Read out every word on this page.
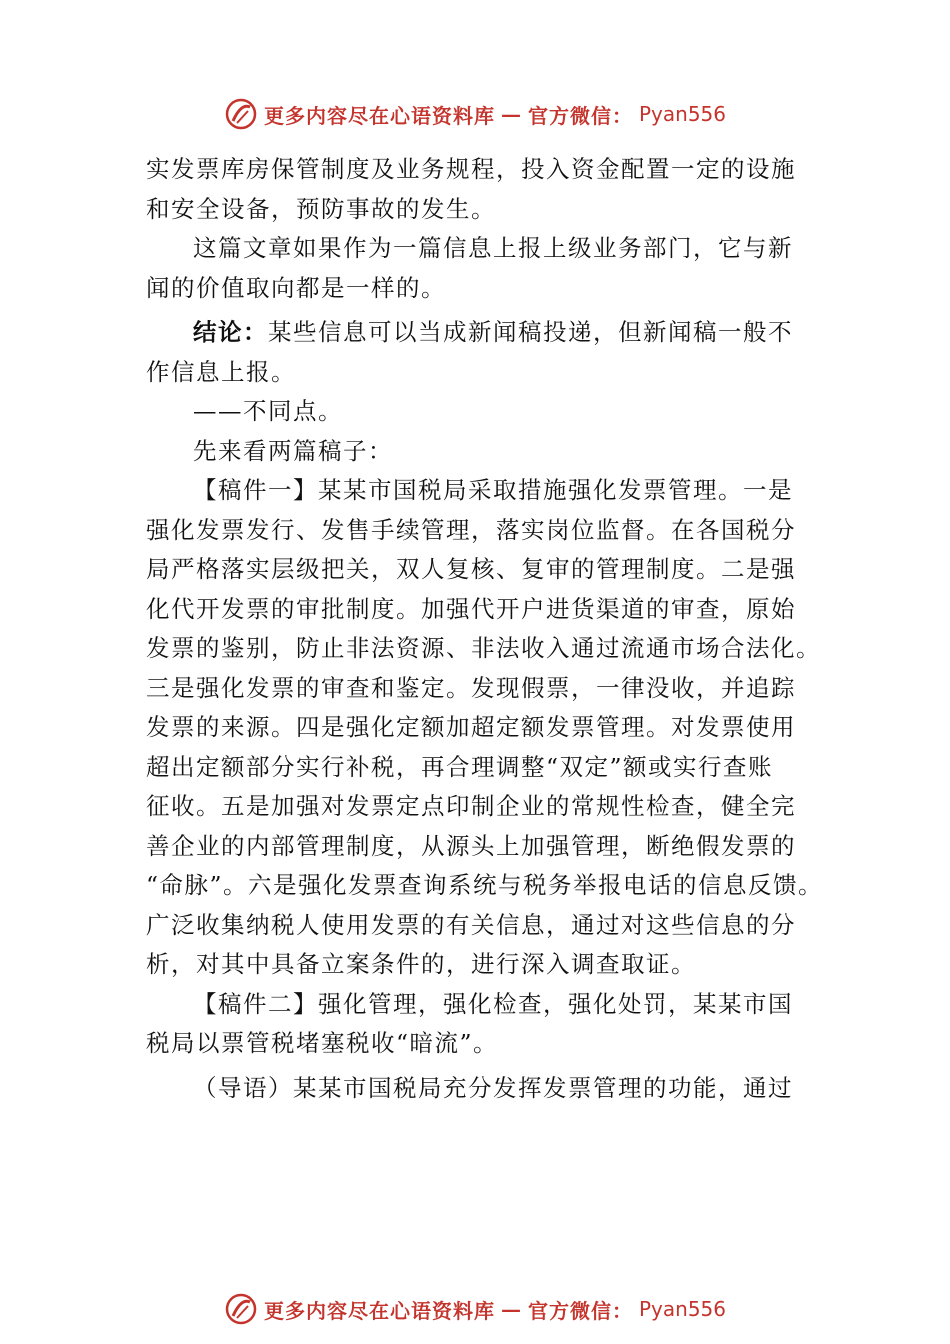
更多内容尽在心语资料库 — 官方微信： Pyan556

实发票库房保管制度及业务规程，投入资金配置一定的设施
和安全设备，预防事故的发生。

这篇文章如果作为一篇信息上报上级业务部门，它与新
闻的价值取向都是一样的。

结论：某些信息可以当成新闻稿投递，但新闻稿一般不
作信息上报。

——不同点。

先来看两篇稿子：

【稿件一】某某市国税局采取措施强化发票管理。一是
强化发票发行、发售手续管理，落实岗位监督。在各国税分
局严格落实层级把关，双人复核、复审的管理制度。二是强
化代开发票的审批制度。加强代开户进货渠道的审查，原始
发票的鉴别，防止非法资源、非法收入通过流通市场合法化。
三是强化发票的审查和鉴定。发现假票，一律没收，并追踪
发票的来源。四是强化定额加超定额发票管理。对发票使用
超出定额部分实行补税，再合理调整“双定”额或实行查账
征收。五是加强对发票定点印制企业的常规性检查，健全完
善企业的内部管理制度，从源头上加强管理，断绝假发票的
“命脉”。六是强化发票查询系统与税务举报电话的信息反馈。
广泛收集纳税人使用发票的有关信息，通过对这些信息的分
析，对其中具备立案条件的，进行深入调查取证。

【稿件二】强化管理，强化检查，强化处罚，某某市国
税局以票管税堵塞税收“暗流”。

（导语）某某市国税局充分发挥发票管理的功能，通过

更多内容尽在心语资料库 — 官方微信： Pyan556
